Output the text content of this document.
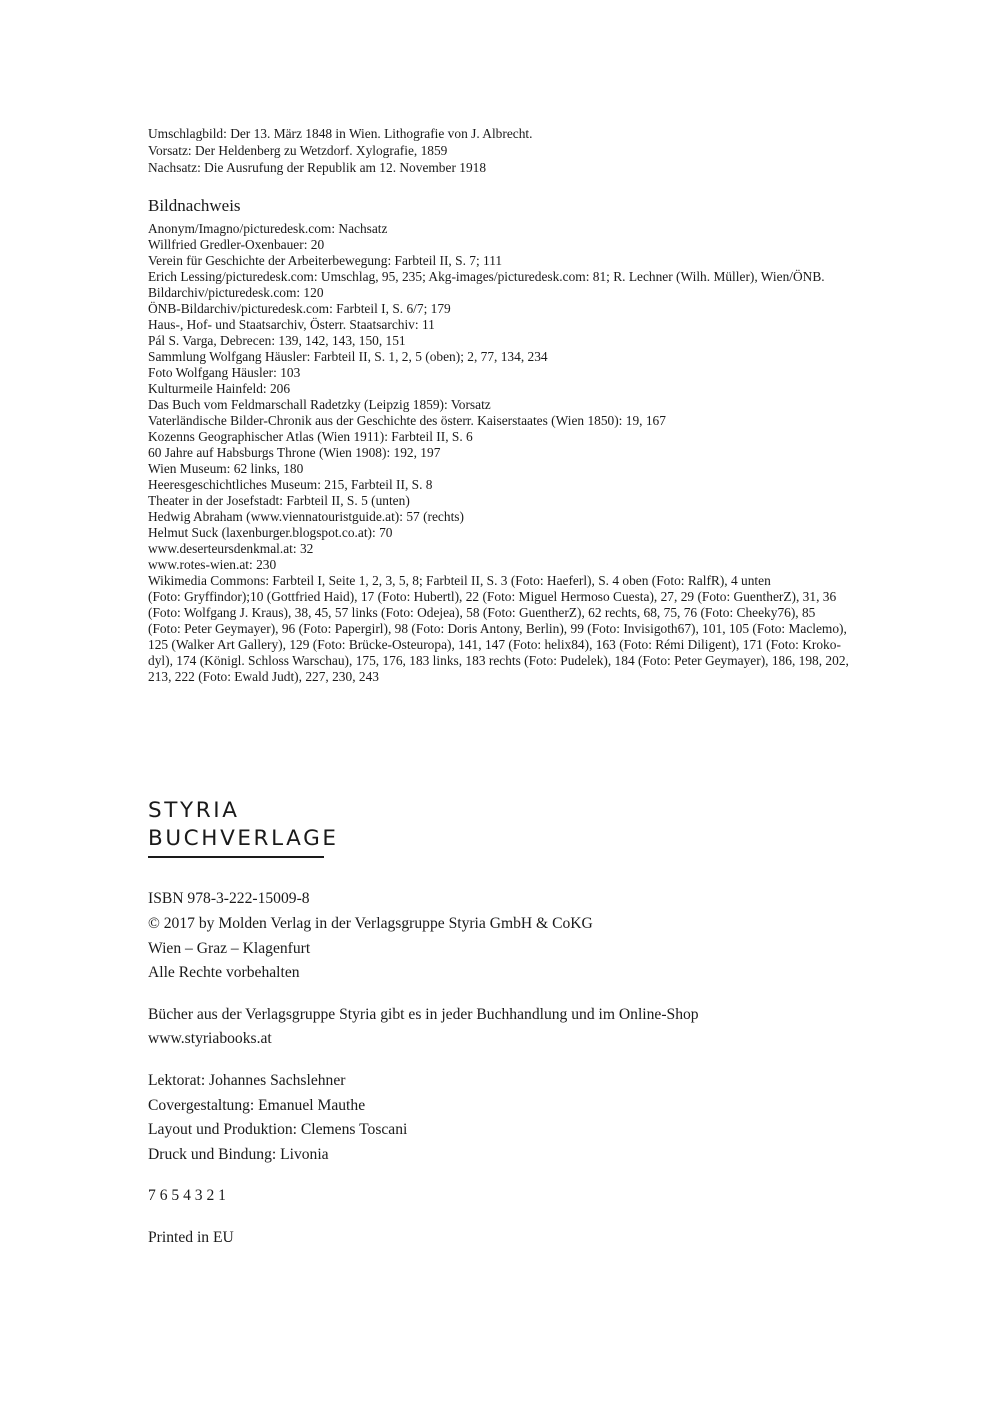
Umschlagbild: Der 13. März 1848 in Wien. Lithografie von J. Albrecht.
Vorsatz: Der Heldenberg zu Wetzdorf. Xylografie, 1859
Nachsatz: Die Ausrufung der Republik am 12. November 1918
Bildnachweis
Anonym/Imagno/picturedesk.com: Nachsatz
Willfried Gredler-Oxenbauer: 20
Verein für Geschichte der Arbeiterbewegung: Farbteil II, S. 7; 111
Erich Lessing/picturedesk.com: Umschlag, 95, 235; Akg-images/picturedesk.com: 81; R. Lechner (Wilh. Müller), Wien/ÖNB.
Bildarchiv/picturedesk.com: 120
ÖNB-Bildarchiv/picturedesk.com: Farbteil I, S. 6/7; 179
Haus-, Hof- und Staatsarchiv, Österr. Staatsarchiv: 11
Pál S. Varga, Debrecen: 139, 142, 143, 150, 151
Sammlung Wolfgang Häusler: Farbteil II, S. 1, 2, 5 (oben); 2, 77, 134, 234
Foto Wolfgang Häusler: 103
Kulturmeile Hainfeld: 206
Das Buch vom Feldmarschall Radetzky (Leipzig 1859): Vorsatz
Vaterländische Bilder-Chronik aus der Geschichte des österr. Kaiserstaates (Wien 1850): 19, 167
Kozenns Geographischer Atlas (Wien 1911): Farbteil II, S. 6
60 Jahre auf Habsburgs Throne (Wien 1908): 192, 197
Wien Museum: 62 links, 180
Heeresgeschichtliches Museum: 215, Farbteil II, S. 8
Theater in der Josefstadt: Farbteil II, S. 5 (unten)
Hedwig Abraham (www.viennatouristguide.at): 57 (rechts)
Helmut Suck (laxenburger.blogspot.co.at): 70
www.deserteursdenkmal.at: 32
www.rotes-wien.at: 230
Wikimedia Commons: Farbteil I, Seite 1, 2, 3, 5, 8; Farbteil II, S. 3 (Foto: Haeferl), S. 4 oben (Foto: RalfR), 4 unten
(Foto: Gryffindor);10 (Gottfried Haid), 17 (Foto: Hubertl), 22 (Foto: Miguel Hermoso Cuesta), 27, 29 (Foto: GuentherZ), 31, 36
(Foto: Wolfgang J. Kraus), 38, 45, 57 links (Foto: Odejea), 58 (Foto: GuentherZ), 62 rechts, 68, 75, 76 (Foto: Cheeky76), 85
(Foto: Peter Geymayer), 96 (Foto: Papergirl), 98 (Foto: Doris Antony, Berlin), 99 (Foto: Invisigoth67), 101, 105 (Foto: Maclemo),
125 (Walker Art Gallery), 129 (Foto: Brücke-Osteuropa), 141, 147 (Foto: helix84), 163 (Foto: Rémi Diligent), 171 (Foto: Kroko-
dyl), 174 (Königl. Schloss Warschau), 175, 176, 183 links, 183 rechts (Foto: Pudelek), 184 (Foto: Peter Geymayer), 186, 198, 202,
213, 222 (Foto: Ewald Judt), 227, 230, 243
STYRIA
BUCHVERLAGE
ISBN 978-3-222-15009-8
© 2017 by Molden Verlag in der Verlagsgruppe Styria GmbH & CoKG
Wien – Graz – Klagenfurt
Alle Rechte vorbehalten
Bücher aus der Verlagsgruppe Styria gibt es in jeder Buchhandlung und im Online-Shop
www.styriabooks.at
Lektorat: Johannes Sachslehner
Covergestaltung: Emanuel Mauthe
Layout und Produktion: Clemens Toscani
Druck und Bindung: Livonia
7 6 5 4 3 2 1
Printed in EU
